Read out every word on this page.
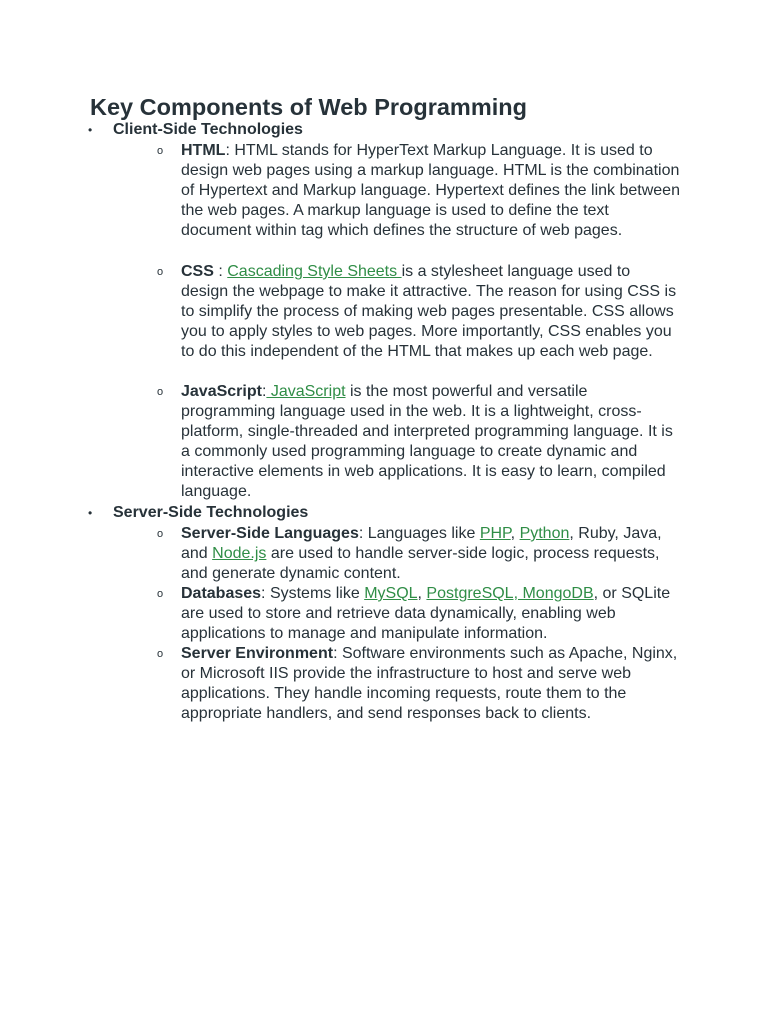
Key Components of Web Programming
• Client-Side Technologies
o HTML: HTML stands for HyperText Markup Language. It is used to design web pages using a markup language. HTML is the combination of Hypertext and Markup language. Hypertext defines the link between the web pages. A markup language is used to define the text document within tag which defines the structure of web pages.
o CSS : Cascading Style Sheets is a stylesheet language used to design the webpage to make it attractive. The reason for using CSS is to simplify the process of making web pages presentable. CSS allows you to apply styles to web pages. More importantly, CSS enables you to do this independent of the HTML that makes up each web page.
o JavaScript: JavaScript is the most powerful and versatile programming language used in the web. It is a lightweight, cross-platform, single-threaded and interpreted programming language. It is a commonly used programming language to create dynamic and interactive elements in web applications. It is easy to learn, compiled language.
• Server-Side Technologies
o Server-Side Languages: Languages like PHP, Python, Ruby, Java, and Node.js are used to handle server-side logic, process requests, and generate dynamic content.
o Databases: Systems like MySQL, PostgreSQL, MongoDB, or SQLite are used to store and retrieve data dynamically, enabling web applications to manage and manipulate information.
o Server Environment: Software environments such as Apache, Nginx, or Microsoft IIS provide the infrastructure to host and serve web applications. They handle incoming requests, route them to the appropriate handlers, and send responses back to clients.
